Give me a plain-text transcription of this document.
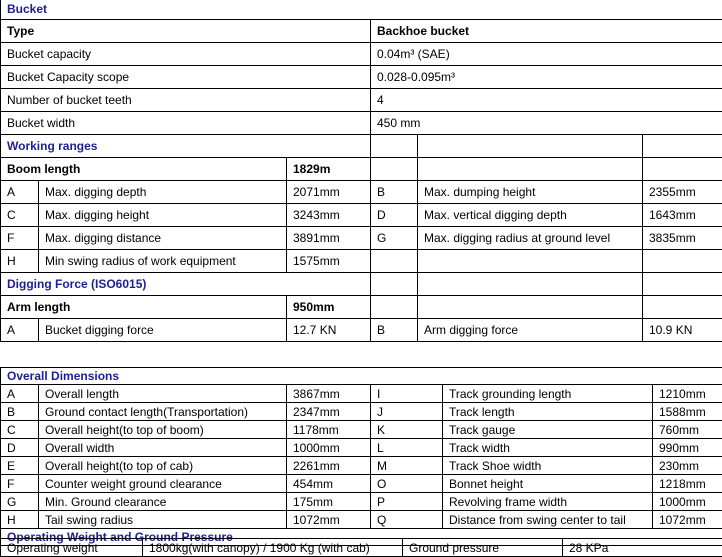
Bucket					
Type			Backhoe bucket		
Bucket capacity			0.04m³ (SAE)		
Bucket Capacity scope			0.028-0.095m³		
Number of bucket teeth			4		
Bucket width			450 mm		
Working ranges					
Boom length		1829m			
A	Max. digging depth	2071mm	B	Max. dumping height	2355mm
C	Max. digging height	3243mm	D	Max. vertical digging depth	1643mm
F	Max. digging distance	3891mm	G	Max. digging radius at ground level	3835mm
H	Min swing radius of work equipment	1575mm			
Digging Force (ISO6015)					
Arm length		950mm			
A	Bucket digging force	12.7 KN	B	Arm digging force	10.9 KN
Overall Dimensions					
A	Overall length	3867mm	I	Track grounding length	1210mm
B	Ground contact length(Transportation)	2347mm	J	Track length	1588mm
C	Overall height(to top of boom)	1178mm	K	Track gauge	760mm
D	Overall width	1000mm	L	Track width	990mm
E	Overall height(to top of cab)	2261mm	M	Track Shoe width	230mm
F	Counter weight ground clearance	454mm	O	Bonnet height	1218mm
G	Min. Ground clearance	175mm	P	Revolving frame width	1000mm
H	Tail swing radius	1072mm	Q	Distance from swing center to tail	1072mm
Operating Weight and Ground Pressure					
Operating weight	1800kg(with canopy) / 1900 Kg (with cab)	Ground pressure	28 KPa
